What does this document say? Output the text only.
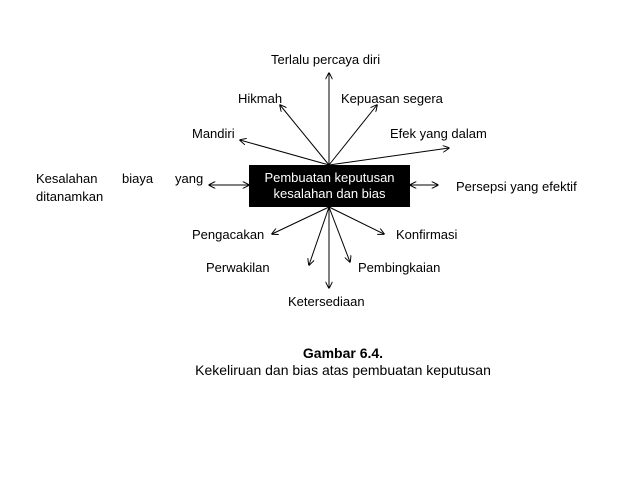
Pembuatan keputusan
kesalahan dan bias
Terlalu percaya diri
Hikmah	Kepuasan segera
Mandiri	Efek yang dalam
Kesalahan biaya yang
ditanamkan
Persepsi yang efektif
Pengacakan	Konfirmasi
Perwakilan	Pembingkaian
Ketersediaan
Gambar 6.4.
Kekeliruan dan bias atas pembuatan keputusan
